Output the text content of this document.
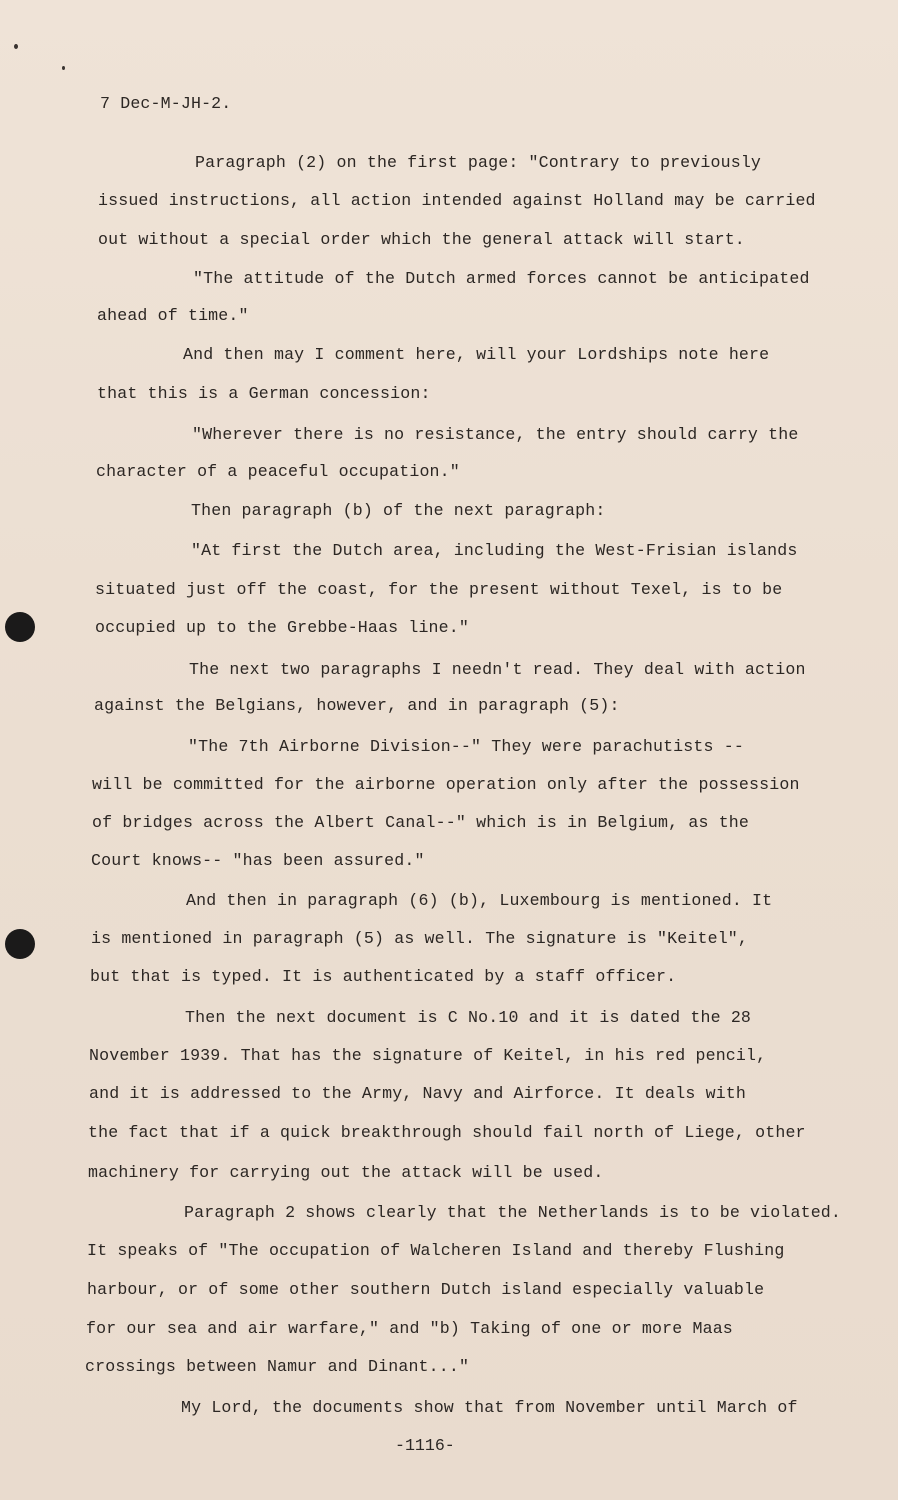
7 Dec-M-JH-2.
Paragraph (2) on the first page: "Contrary to previously
issued instructions, all action intended against Holland may be carried
out without a special order which the general attack will start.
"The attitude of the Dutch armed forces cannot be anticipated
ahead of time."
And then may I comment here, will your Lordships note here
that this is a German concession:
"Wherever there is no resistance, the entry should carry the
character of a peaceful occupation."
Then paragraph (b) of the next paragraph:
"At first the Dutch area, including the West-Frisian islands
situated just off the coast, for the present without Texel, is to be
occupied up to the Grebbe-Haas line."
The next two paragraphs I needn't read. They deal with action
against the Belgians, however, and in paragraph (5):
"The 7th Airborne Division--" They were parachutists --
will be committed for the airborne operation only after the possession
of bridges across the Albert Canal--" which is in Belgium, as the
Court knows-- "has been assured."
And then in paragraph (6) (b), Luxembourg is mentioned. It
is mentioned in paragraph (5) as well. The signature is "Keitel",
but that is typed. It is authenticated by a staff officer.
Then the next document is C No.10 and it is dated the 28
November 1939. That has the signature of Keitel, in his red pencil,
and it is addressed to the Army, Navy and Airforce. It deals with
the fact that if a quick breakthrough should fail north of Liege, other
machinery for carrying out the attack will be used.
Paragraph 2 shows clearly that the Netherlands is to be violated.
It speaks of "The occupation of Walcheren Island and thereby Flushing
harbour, or of some other southern Dutch island especially valuable
for our sea and air warfare," and "b) Taking of one or more Maas
crossings between Namur and Dinant..."
My Lord, the documents show that from November until March of
-1116-
